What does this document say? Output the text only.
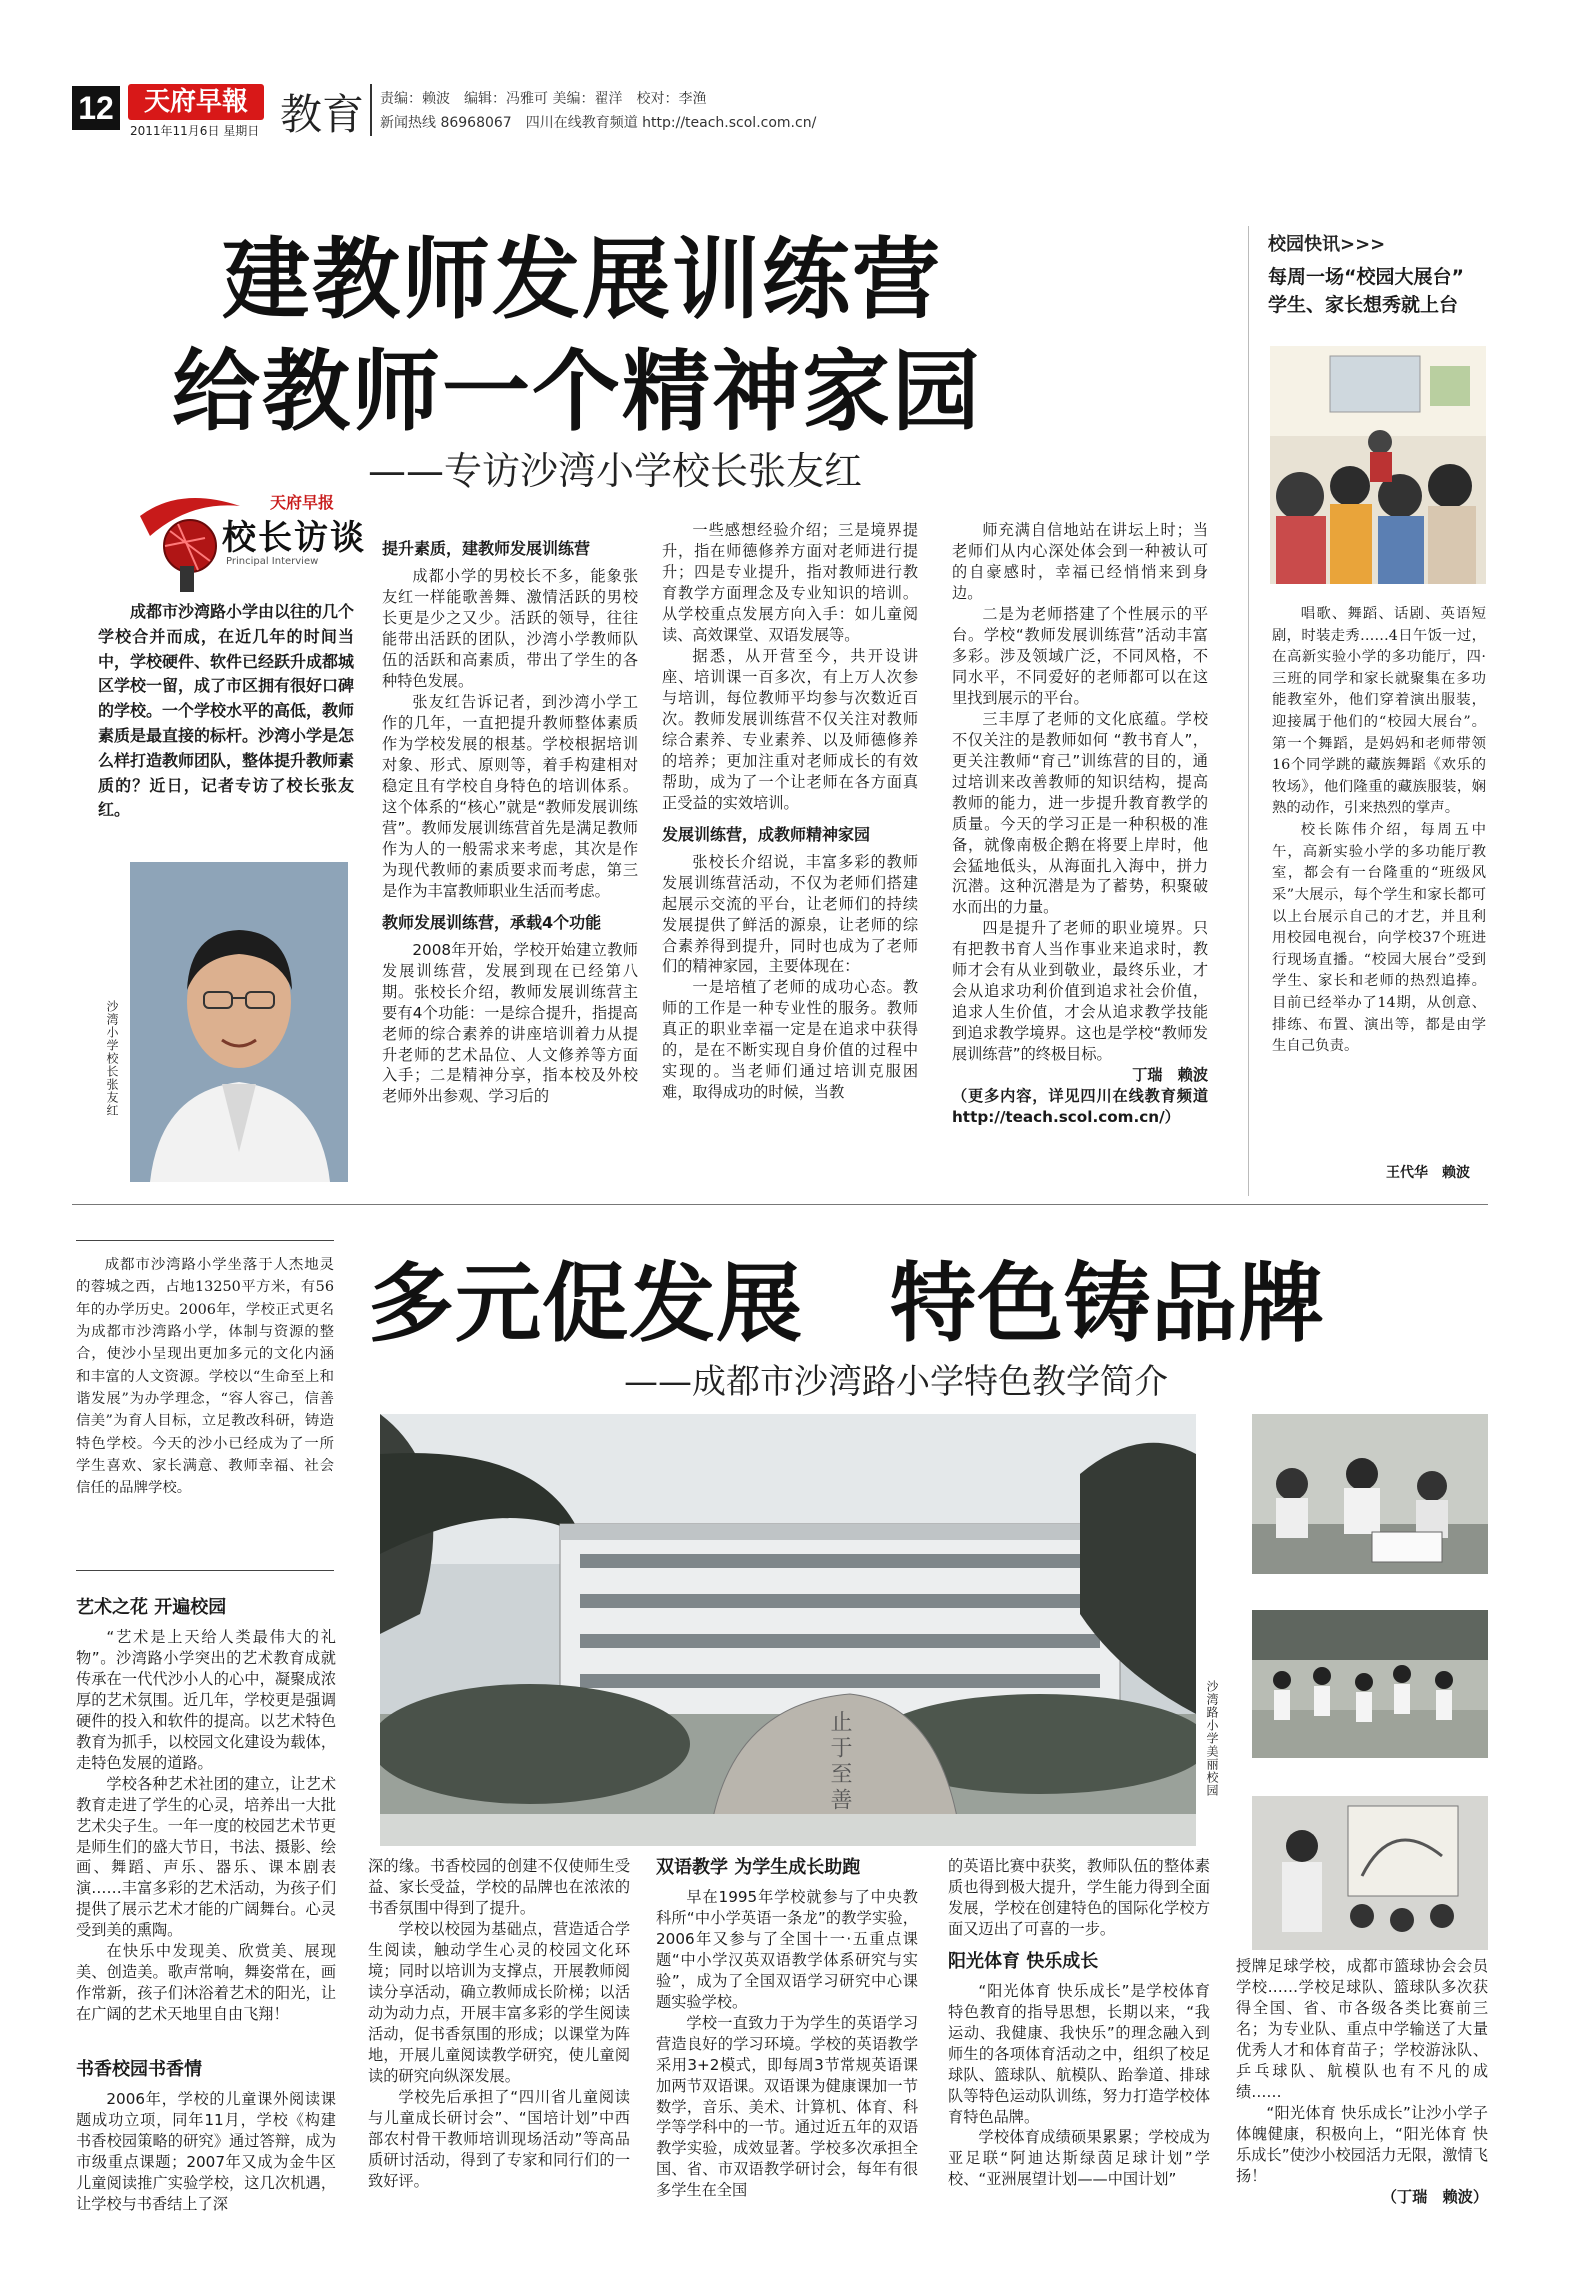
12	天府早報
2011年11月6日 星期日 教育 责编：赖波　编辑：冯雅可 美编：翟洋　校对：李渔
新闻热线 86968067　四川在线教育频道 http://teach.scol.com.cn/
建教师发展训练营
给教师一个精神家园
——专访沙湾小学校长张友红
天府早报
校长访谈
Principal Interview

成都市沙湾路小学由以往的几个学校合并而成，在近几年的时间当中，学校硬件、软件已经跃升成都城区学校一留，成了市区拥有很好口碑的学校。一个学校水平的高低，教师素质是最直接的标杆。沙湾小学是怎么样打造教师团队，整体提升教师素质的？近日，记者专访了校长张友红。

沙湾小学校长张友红
提升素质，建教师发展训练营

成都小学的男校长不多，能象张友红一样能歌善舞、激情活跃的男校长更是少之又少。活跃的领导，往往能带出活跃的团队，沙湾小学教师队伍的活跃和高素质，带出了学生的各种特色发展。

张友红告诉记者，到沙湾小学工作的几年，一直把提升教师整体素质作为学校发展的根基。学校根据培训对象、形式、原则等，着手构建相对稳定且有学校自身特色的培训体系。这个体系的“核心”就是“教师发展训练营”。教师发展训练营首先是满足教师作为人的一般需求来考虑，其次是作为现代教师的素质要求而考虑，第三是作为丰富教师职业生活而考虑。

教师发展训练营，承载4个功能

2008年开始，学校开始建立教师发展训练营，发展到现在已经第八期。张校长介绍，教师发展训练营主要有4个功能：一是综合提升，指提高老师的综合素养的讲座培训着力从提升老师的艺术品位、人文修养等方面入手；二是精神分享，指本校及外校老师外出参观、学习后的

一些感想经验介绍；三是境界提升，指在师德修养方面对老师进行提升；四是专业提升，指对教师进行教育教学方面理念及专业知识的培训。从学校重点发展方向入手：如儿童阅读、高效课堂、双语发展等。

据悉，从开营至今，共开设讲座、培训课一百多次，有上万人次参与培训，每位教师平均参与次数近百次。教师发展训练营不仅关注对教师综合素养、专业素养、以及师德修养的培养；更加注重对老师成长的有效帮助，成为了一个让老师在各方面真正受益的实效培训。

发展训练营，成教师精神家园

张校长介绍说，丰富多彩的教师发展训练营活动，不仅为老师们搭建起展示交流的平台，让老师们的持续发展提供了鲜活的源泉，让老师的综合素养得到提升，同时也成为了老师们的精神家园，主要体现在：

一是培植了老师的成功心态。教师的工作是一种专业性的服务。教师真正的职业幸福一定是在追求中获得的，是在不断实现自身价值的过程中实现的。当老师们通过培训克服困难，取得成功的时候，当教

师充满自信地站在讲坛上时；当老师们从内心深处体会到一种被认可的自豪感时，幸福已经悄悄来到身边。

二是为老师搭建了个性展示的平台。学校“教师发展训练营”活动丰富多彩。涉及领域广泛，不同风格，不同水平，不同爱好的老师都可以在这里找到展示的平台。

三丰厚了老师的文化底蕴。学校不仅关注的是教师如何 “教书育人”，更关注教师“育己”训练营的目的，通过培训来改善教师的知识结构，提高教师的能力，进一步提升教育教学的质量。今天的学习正是一种积极的准备，就像南极企鹅在将要上岸时，他会猛地低头，从海面扎入海中，拼力沉潜。这种沉潜是为了蓄势，积聚破水而出的力量。

四是提升了老师的职业境界。只有把教书育人当作事业来追求时，教师才会有从业到敬业，最终乐业，才会从追求功利价值到追求社会价值，追求人生价值，才会从追求教学技能到追求教学境界。这也是学校“教师发展训练营”的终极目标。

丁瑞　赖波
（更多内容，详见四川在线教育频道 http://teach.scol.com.cn/）
校园快讯>>>
每周一场“校园大展台”
学生、家长想秀就上台

唱歌、舞蹈、话剧、英语短剧，时装走秀……4日午饭一过，在高新实验小学的多功能厅，四·三班的同学和家长就聚集在多功能教室外，他们穿着演出服装，迎接属于他们的“校园大展台”。第一个舞蹈，是妈妈和老师带领16个同学跳的藏族舞蹈《欢乐的牧场》，他们隆重的藏族服装，娴熟的动作，引来热烈的掌声。

校长陈伟介绍，每周五中午，高新实验小学的多功能厅教室，都会有一台隆重的“班级风采”大展示，每个学生和家长都可以上台展示自己的才艺，并且利用校园电视台，向学校37个班进行现场直播。“校园大展台”受到学生、家长和老师的热烈追捧。目前已经举办了14期，从创意、排练、布置、演出等，都是由学生自己负责。

王代华　赖波

成都市沙湾路小学坐落于人杰地灵的蓉城之西，占地13250平方米，有56年的办学历史。2006年，学校正式更名为成都市沙湾路小学，体制与资源的整合，使沙小呈现出更加多元的文化内涵和丰富的人文资源。学校以“生命至上和谐发展”为办学理念，“容人容己，信善信美”为育人目标，立足教改科研，铸造特色学校。今天的沙小已经成为了一所学生喜欢、家长满意、教师幸福、社会信任的品牌学校。

多元促发展　特色铸品牌
——成都市沙湾路小学特色教学简介
止于至善	沙湾路小学美丽校园
艺术之花 开遍校园

“艺术是上天给人类最伟大的礼物”。沙湾路小学突出的艺术教育成就传承在一代代沙小人的心中，凝聚成浓厚的艺术氛围。近几年，学校更是强调硬件的投入和软件的提高。以艺术特色教育为抓手，以校园文化建设为载体，走特色发展的道路。

学校各种艺术社团的建立，让艺术教育走进了学生的心灵，培养出一大批艺术尖子生。一年一度的校园艺术节更是师生们的盛大节日，书法、摄影、绘画、舞蹈、声乐、器乐、课本剧表演……丰富多彩的艺术活动，为孩子们提供了展示艺术才能的广阔舞台。心灵受到美的熏陶。

在快乐中发现美、欣赏美、展现美、创造美。歌声常响，舞姿常在，画作常新，孩子们沐浴着艺术的阳光，让在广阔的艺术天地里自由飞翔！

书香校园书香情

2006年，学校的儿童课外阅读课题成功立项，同年11月，学校《构建书香校园策略的研究》通过答辩，成为市级重点课题；2007年又成为金牛区儿童阅读推广实验学校，这几次机遇，让学校与书香结上了深

深的缘。书香校园的创建不仅使师生受益、家长受益，学校的品牌也在浓浓的书香氛围中得到了提升。

学校以校园为基础点，营造适合学生阅读，触动学生心灵的校园文化环境；同时以培训为支撑点，开展教师阅读分享活动，确立教师成长阶梯；以活动为动力点，开展丰富多彩的学生阅读活动，促书香氛围的形成；以课堂为阵地，开展儿童阅读教学研究，使儿童阅读的研究向纵深发展。

学校先后承担了“四川省儿童阅读与儿童成长研讨会”、“国培计划”中西部农村骨干教师培训现场活动”等高品质研讨活动，得到了专家和同行们的一致好评。

双语教学 为学生成长助跑

早在1995年学校就参与了中央教科所“中小学英语一条龙”的教学实验，2006年又参与了全国十一·五重点课题“中小学汉英双语教学体系研究与实验”，成为了全国双语学习研究中心课题实验学校。

学校一直致力于为学生的英语学习营造良好的学习环境。学校的英语教学采用3+2模式，即每周3节常规英语课加两节双语课。双语课为健康课加一节数学，音乐、美术、计算机、体育、科学等学科中的一节。通过近五年的双语教学实验，成效显著。学校多次承担全国、省、市双语教学研讨会，每年有很多学生在全国

的英语比赛中获奖，教师队伍的整体素质也得到极大提升，学生能力得到全面发展，学校在创建特色的国际化学校方面又迈出了可喜的一步。

阳光体育 快乐成长

“阳光体育 快乐成长”是学校体育特色教育的指导思想，长期以来，“我运动、我健康、我快乐”的理念融入到师生的各项体育活动之中，组织了校足球队、篮球队、航模队、跆拳道、排球队等特色运动队训练，努力打造学校体育特色品牌。

学校体育成绩硕果累累；学校成为亚足联“阿迪达斯绿茵足球计划”学校、“亚洲展望计划——中国计划”

授牌足球学校，成都市篮球协会会员学校……学校足球队、篮球队多次获得全国、省、市各级各类比赛前三名；为专业队、重点中学输送了大量优秀人才和体育苗子；学校游泳队、乒乓球队、航模队也有不凡的成绩……

“阳光体育 快乐成长”让沙小学子体魄健康，积极向上，“阳光体育 快乐成长”使沙小校园活力无限，激情飞扬！

（丁瑞　赖波）
